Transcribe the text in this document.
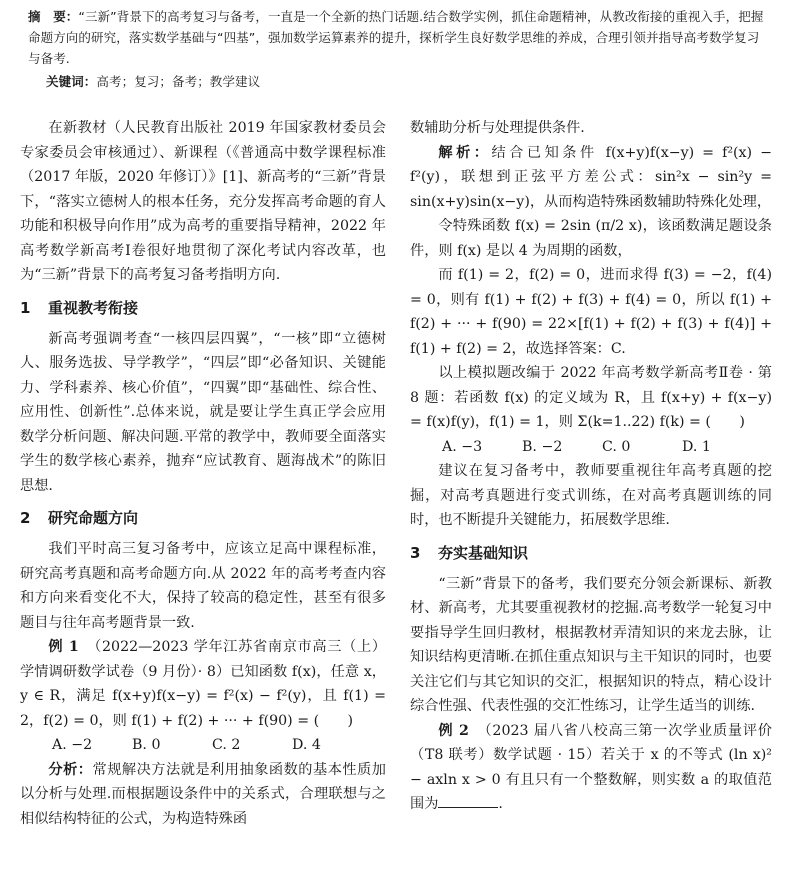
摘　要：“三新”背景下的高考复习与备考，一直是一个全新的热门话题.结合数学实例，抓住命题精神，从教改衔接的重视入手，把握命题方向的研究，落实数学基础与“四基”，强加数学运算素养的提升，探析学生良好数学思维的养成，合理引领并指导高考数学复习与备考.
关键词：高考；复习；备考；教学建议

在新教材（人民教育出版社 2019 年国家教材委员会专家委员会审核通过）、新课程（《普通高中数学课程标准（2017 年版，2020 年修订）》[1]、新高考的“三新”背景下，“落实立德树人的根本任务，充分发挥高考命题的育人功能和积极导向作用”成为高考的重要指导精神，2022 年高考数学新高考Ⅰ卷很好地贯彻了深化考试内容改革，也为“三新”背景下的高考复习备考指明方向.

1 重视教考衔接

新高考强调考查“一核四层四翼”，“一核”即“立德树人、服务选拔、导学教学”，“四层”即“必备知识、关键能力、学科素养、核心价值”，“四翼”即“基础性、综合性、应用性、创新性”.总体来说，就是要让学生真正学会应用数学分析问题、解决问题.平常的教学中，教师要全面落实学生的数学核心素养，抛弃“应试教育、题海战术”的陈旧思想.

2 研究命题方向

我们平时高三复习备考中，应该立足高中课程标准，研究高考真题和高考命题方向.从 2022 年的高考考查内容和方向来看变化不大，保持了较高的稳定性，甚至有很多题目与往年高考题背景一致.

例 1　 （2022—2023 学年江苏省南京市高三（上）学情调研数学试卷（9 月份）· 8）已知函数 f(x)，任意 x，y ∈ R，满足 f(x+y)f(x−y) = f²(x) − f²(y)，且 f(1) = 2，f(2) = 0，则 f(1) + f(2) + ··· + f(90) = (　　)

A. −2	B. 0	C. 2	D. 4

分析：常规解决方法就是利用抽象函数的基本性质加以分析与处理.而根据题设条件中的关系式，合理联想与之相似结构特征的公式，为构造特殊函

数辅助分析与处理提供条件.

解析：结合已知条件 f(x+y)f(x−y) = f²(x) − f²(y)，联想到正弦平方差公式：sin²x − sin²y = sin(x+y)sin(x−y)，从而构造特殊函数辅助特殊化处理，

令特殊函数 f(x) = 2sin (π/2 x)，该函数满足题设条件，则 f(x) 是以 4 为周期的函数，

而 f(1) = 2，f(2) = 0，进而求得 f(3) = −2，f(4) = 0，则有 f(1) + f(2) + f(3) + f(4) = 0，所以 f(1) + f(2) + ··· + f(90) = 22×[f(1) + f(2) + f(3) + f(4)] + f(1) + f(2) = 2，故选择答案：C.

以上模拟题改编于 2022 年高考数学新高考Ⅱ卷 · 第 8 题：若函数 f(x) 的定义域为 R，且 f(x+y) + f(x−y) = f(x)f(y)，f(1) = 1，则 Σ(k=1..22) f(k) = (　　)

A. −3	B. −2	C. 0	D. 1

建议在复习备考中，教师要重视往年高考真题的挖掘，对高考真题进行变式训练，在对高考真题训练的同时，也不断提升关键能力，拓展数学思维.

3 夯实基础知识

“三新”背景下的备考，我们要充分领会新课标、新教材、新高考，尤其要重视教材的挖掘.高考数学一轮复习中要指导学生回归教材，根据教材弄清知识的来龙去脉，让知识结构更清晰.在抓住重点知识与主干知识的同时，也要关注它们与其它知识的交汇，根据知识的特点，精心设计综合性强、代表性强的交汇性练习，让学生适当的训练.

例 2　 （2023 届八省八校高三第一次学业质量评价（T8 联考）数学试题 · 15）若关于 x 的不等式 (ln x)² − axln x > 0 有且只有一个整数解，则实数 a 的取值范围为	.
